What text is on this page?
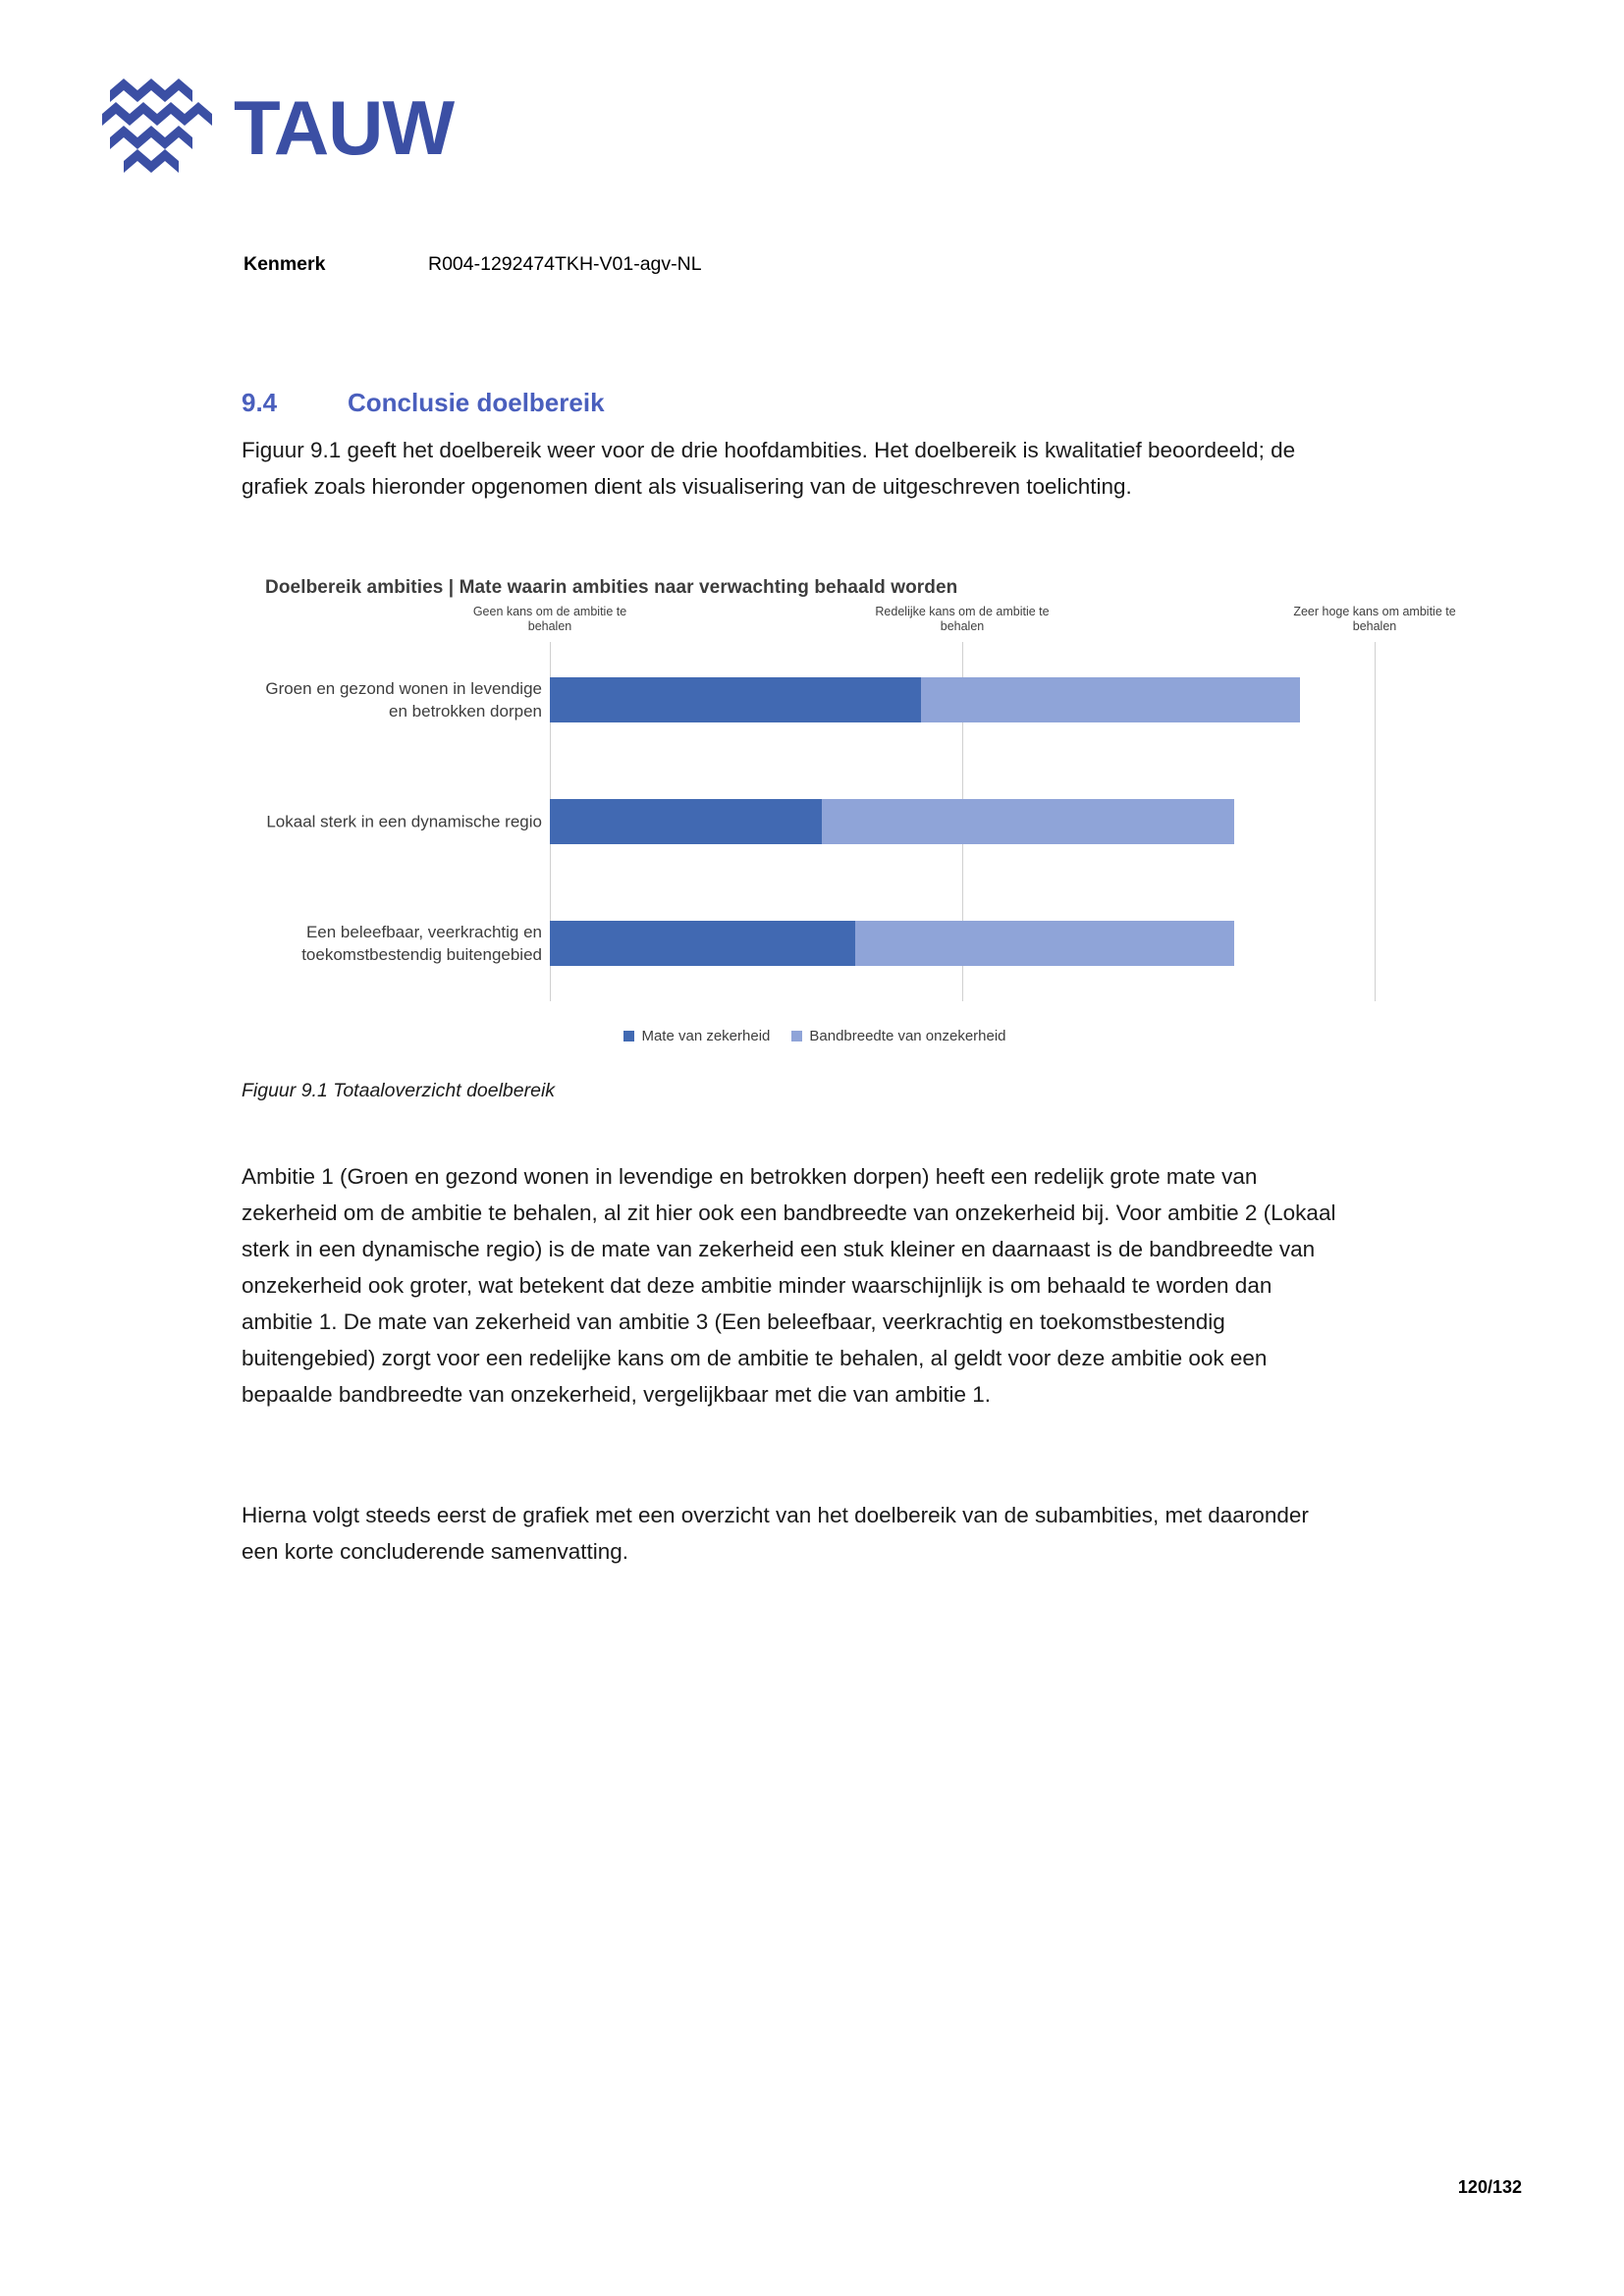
TAUW
Kenmerk	R004-1292474TKH-V01-agv-NL
9.4	Conclusie doelbereik
Figuur 9.1 geeft het doelbereik weer voor de drie hoofdambities. Het doelbereik is kwalitatief beoordeeld; de grafiek zoals hieronder opgenomen dient als visualisering van de uitgeschreven toelichting.
Doelbereik ambities | Mate waarin ambities naar verwachting behaald worden
Groen en gezond wonen in levendige en betrokken dorpen
Lokaal sterk in een dynamische regio
Een beleefbaar, veerkrachtig en toekomstbestendig buitengebied
Geen kans om de ambitie te behalen
Redelijke kans om de ambitie te behalen
Zeer hoge kans om ambitie te behalen
Mate van zekerheid	Bandbreedte van onzekerheid
Figuur 9.1 Totaaloverzicht doelbereik
Ambitie 1 (Groen en gezond wonen in levendige en betrokken dorpen) heeft een redelijk grote mate van zekerheid om de ambitie te behalen, al zit hier ook een bandbreedte van onzekerheid bij. Voor ambitie 2 (Lokaal sterk in een dynamische regio) is de mate van zekerheid een stuk kleiner en daarnaast is de bandbreedte van onzekerheid ook groter, wat betekent dat deze ambitie minder waarschijnlijk is om behaald te worden dan ambitie 1. De mate van zekerheid van ambitie 3 (Een beleefbaar, veerkrachtig en toekomstbestendig buitengebied) zorgt voor een redelijke kans om de ambitie te behalen, al geldt voor deze ambitie ook een bepaalde bandbreedte van onzekerheid, vergelijkbaar met die van ambitie 1.
Hierna volgt steeds eerst de grafiek met een overzicht van het doelbereik van de subambities, met daaronder een korte concluderende samenvatting.
120/132
